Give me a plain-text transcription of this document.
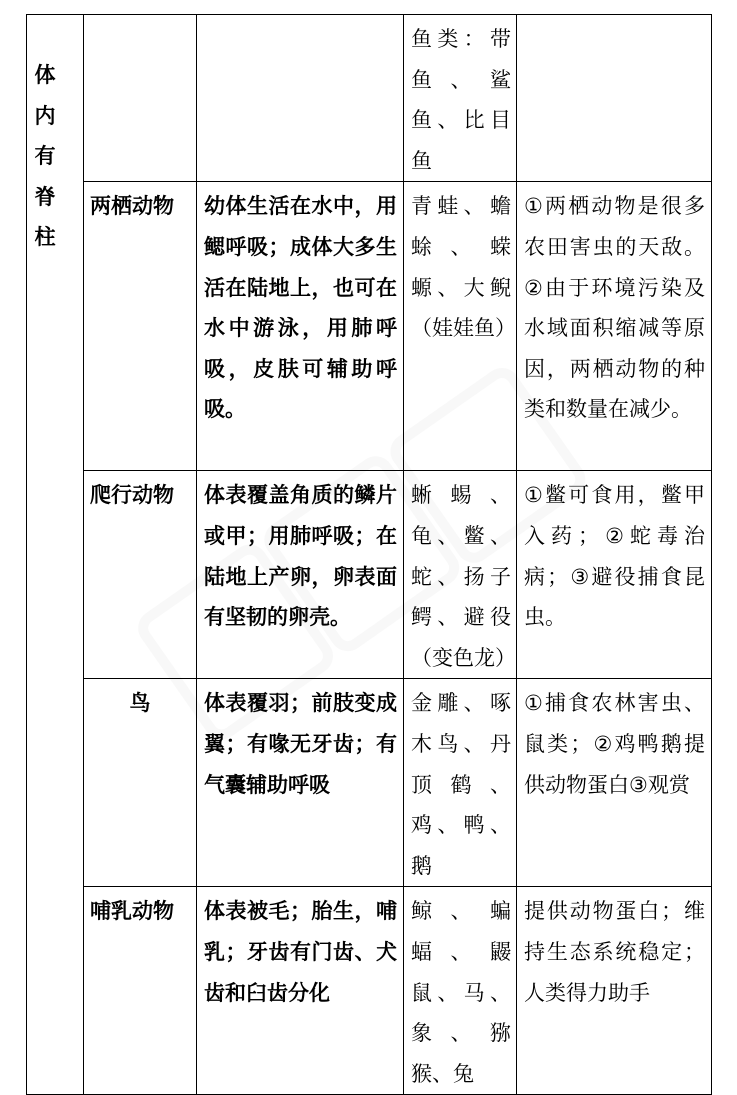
体内有脊柱			鱼类：带鱼、鲨鱼、比目鱼	
	两栖动物	幼体生活在水中，用鳃呼吸；成体大多生活在陆地上，也可在水中游泳，用肺呼吸，皮肤可辅助呼吸。	青蛙、蟾蜍、蝾螈、大鲵（娃娃鱼）	①两栖动物是很多农田害虫的天敌。②由于环境污染及水域面积缩减等原因，两栖动物的种类和数量在减少。
	爬行动物	体表覆盖角质的鳞片或甲；用肺呼吸；在陆地上产卵，卵表面有坚韧的卵壳。	蜥蜴、龟、鳖、蛇、扬子鳄、避役（变色龙）	①鳖可食用，鳖甲入药；②蛇毒治病；③避役捕食昆虫。
	鸟	体表覆羽；前肢变成翼；有喙无牙齿；有气囊辅助呼吸	金雕、啄木鸟、丹顶鹤、鸡、鸭、鹅	①捕食农林害虫、鼠类；②鸡鸭鹅提供动物蛋白③观赏
	哺乳动物	体表被毛；胎生，哺乳；牙齿有门齿、犬齿和臼齿分化	鲸、蝙蝠、鼹鼠、马、象、猕猴、兔	提供动物蛋白；维持生态系统稳定；人类得力助手
